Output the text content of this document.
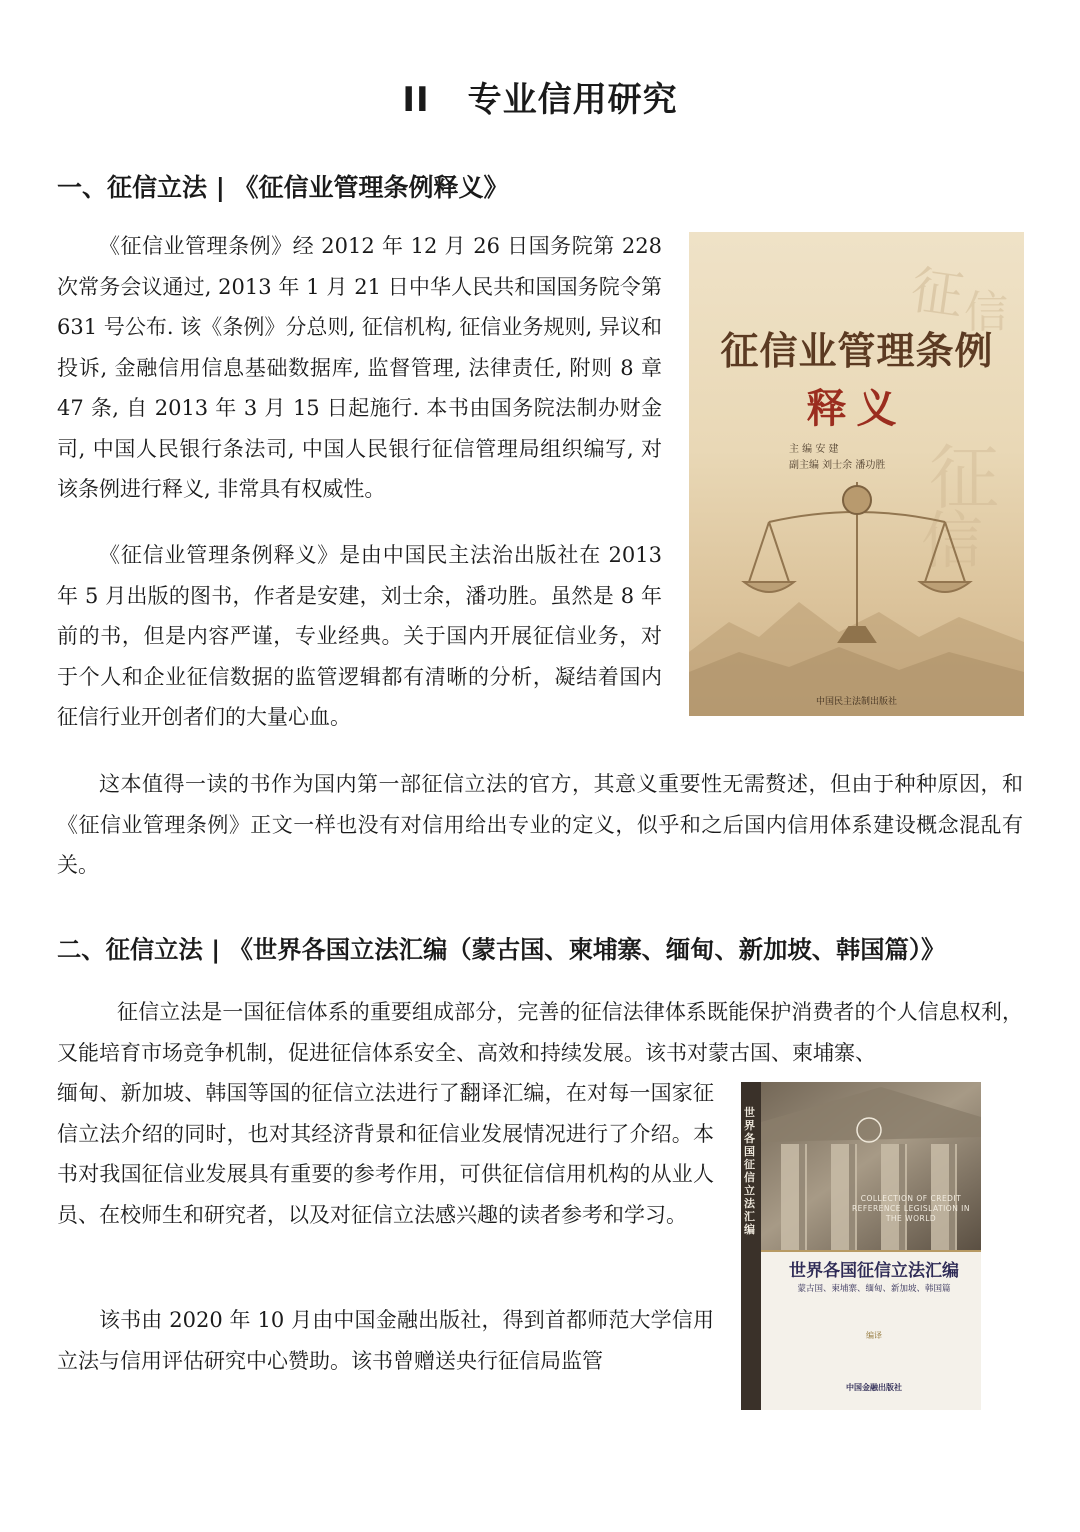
II 专业信用研究
一、征信立法 | 《征信业管理条例释义》

《征信业管理条例》经 2012 年 12 月 26 日国务院第 228 次常务会议通过, 2013 年 1 月 21 日中华人民共和国国务院令第 631 号公布. 该《条例》分总则, 征信机构, 征信业务规则, 异议和投诉, 金融信用信息基础数据库, 监督管理, 法律责任, 附则 8 章 47 条, 自 2013 年 3 月 15 日起施行. 本书由国务院法制办财金司, 中国人民银行条法司, 中国人民银行征信管理局组织编写, 对该条例进行释义, 非常具有权威性。

《征信业管理条例释义》是由中国民主法治出版社在 2013 年 5 月出版的图书，作者是安建，刘士余，潘功胜。虽然是 8 年前的书，但是内容严谨，专业经典。关于国内开展征信业务，对于个人和企业征信数据的监管逻辑都有清晰的分析，凝结着国内征信行业开创者们的大量心血。

这本值得一读的书作为国内第一部征信立法的官方，其意义重要性无需赘述，但由于种种原因，和《征信业管理条例》正文一样也没有对信用给出专业的定义，似乎和之后国内信用体系建设概念混乱有关。

征
信
征
信
征信业管理条例
释义
主 编 安 建
副主编 刘士余 潘功胜
中国民主法制出版社
二、征信立法 | 《世界各国立法汇编（蒙古国、柬埔寨、缅甸、新加坡、韩国篇）》

征信立法是一国征信体系的重要组成部分，完善的征信法律体系既能保护消费者的个人信息权利，又能培育市场竞争机制，促进征信体系安全、高效和持续发展。该书对蒙古国、柬埔寨、

缅甸、新加坡、韩国等国的征信立法进行了翻译汇编，在对每一国家征信立法介绍的同时，也对其经济背景和征信业发展情况进行了介绍。本书对我国征信业发展具有重要的参考作用，可供征信信用机构的从业人员、在校师生和研究者，以及对征信立法感兴趣的读者参考和学习。

该书由 2020 年 10 月由中国金融出版社，得到首都师范大学信用立法与信用评估研究中心赞助。该书曾赠送央行征信局监管

世界各国征信立法汇编
COLLECTION OF CREDIT REFERENCE LEGISLATION IN THE WORLD
世界各国征信立法汇编
蒙古国、柬埔寨、缅甸、新加坡、韩国篇
编译
中国金融出版社
